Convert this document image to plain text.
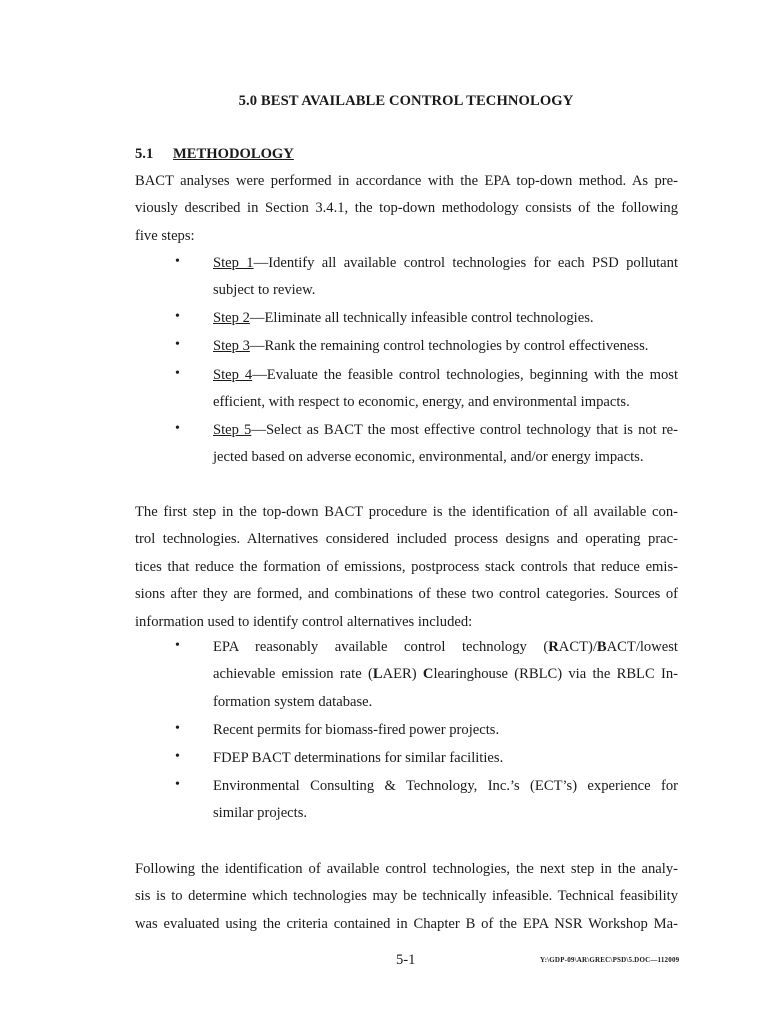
5.0 BEST AVAILABLE CONTROL TECHNOLOGY
5.1 METHODOLOGY

BACT analyses were performed in accordance with the EPA top-down method. As pre-
viously described in Section 3.4.1, the top-down methodology consists of the following
five steps:

• Step 1—Identify all available control technologies for each PSD pollutant
subject to review.
• Step 2—Eliminate all technically infeasible control technologies.
• Step 3—Rank the remaining control technologies by control effectiveness.
• Step 4—Evaluate the feasible control technologies, beginning with the most
efficient, with respect to economic, energy, and environmental impacts.
• Step 5—Select as BACT the most effective control technology that is not re-
jected based on adverse economic, environmental, and/or energy impacts.

The first step in the top-down BACT procedure is the identification of all available con-
trol technologies. Alternatives considered included process designs and operating prac-
tices that reduce the formation of emissions, postprocess stack controls that reduce emis-
sions after they are formed, and combinations of these two control categories. Sources of
information used to identify control alternatives included:

• EPA reasonably available control technology (RACT)/BACT/lowest
achievable emission rate (LAER) Clearinghouse (RBLC) via the RBLC In-
formation system database.
• Recent permits for biomass-fired power projects.
• FDEP BACT determinations for similar facilities.
• Environmental Consulting & Technology, Inc.’s (ECT’s) experience for
similar projects.

Following the identification of available control technologies, the next step in the analy-
sis is to determine which technologies may be technically infeasible. Technical feasibility
was evaluated using the criteria contained in Chapter B of the EPA NSR Workshop Ma-

5-1	Y:\GDP-09\AR\GREC\PSD\5.DOC—112009
